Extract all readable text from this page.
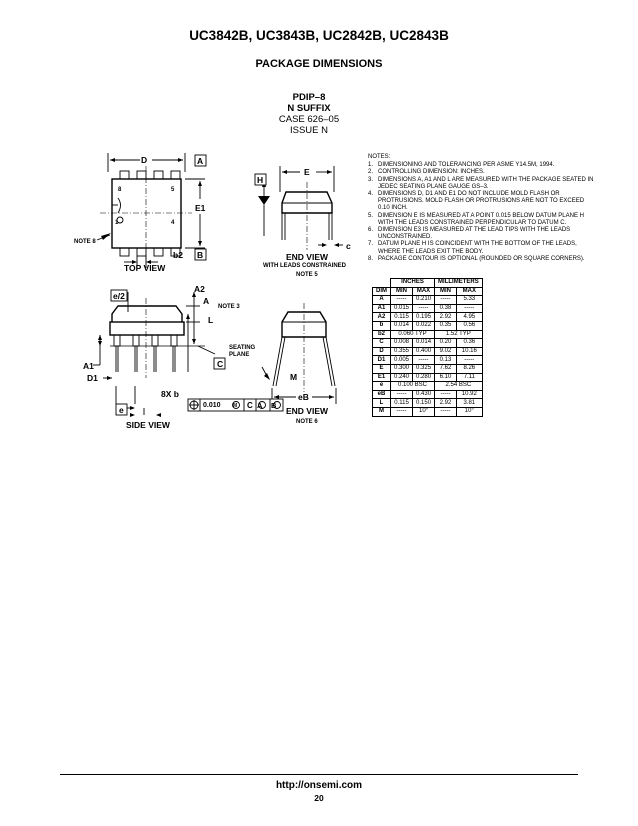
UC3842B, UC3843B, UC2842B, UC2843B
PACKAGE DIMENSIONS
PDIP–8
N SUFFIX
CASE 626–05
ISSUE N
D	A
E1
8	5
1	4
NOTE 8
b2 B
TOP VIEW
H
E
c
END VIEW
WITH LEADS CONSTRAINED
NOTE 5
e/2
A2
A
NOTE 3
L
SEATING
PLANE
C
A1
D1
e
8X b
0.010 M C A B
SIDE VIEW
M
eB
END VIEW
NOTE 6
NOTES:
1. DIMENSIONING AND TOLERANCING PER ASME Y14.5M, 1994.
2. CONTROLLING DIMENSION: INCHES.
3. DIMENSIONS A, A1 AND L ARE MEASURED WITH THE PACKAGE SEATED IN JEDEC SEATING PLANE GAUGE GS–3.
4. DIMENSIONS D, D1 AND E1 DO NOT INCLUDE MOLD FLASH OR PROTRUSIONS. MOLD FLASH OR PROTRUSIONS ARE NOT TO EXCEED 0.10 INCH.
5. DIMENSION E IS MEASURED AT A POINT 0.015 BELOW DATUM PLANE H WITH THE LEADS CONSTRAINED PERPENDICULAR TO DATUM C.
6. DIMENSION E3 IS MEASURED AT THE LEAD TIPS WITH THE LEADS UNCONSTRAINED.
7. DATUM PLANE H IS COINCIDENT WITH THE BOTTOM OF THE LEADS, WHERE THE LEADS EXIT THE BODY.
8. PACKAGE CONTOUR IS OPTIONAL (ROUNDED OR SQUARE CORNERS).
	INCHES		MILLIMETERS	
DIM	MIN	MAX	MIN	MAX
A	-----	0.210	-----	5.33
A1	0.015	-----	0.38	-----
A2	0.115	0.195	2.92	4.95
b	0.014	0.022	0.35	0.56
b2	0.060 TYP		1.52 TYP	
C	0.008	0.014	0.20	0.36
D	0.355	0.400	9.02	10.16
D1	0.005	-----	0.13	-----
E	0.300	0.325	7.62	8.26
E1	0.240	0.280	6.10	7.11
e	0.100 BSC		2.54 BSC	
eB	-----	0.430	-----	10.92
L	0.115	0.150	2.92	3.81
M	-----	10°	-----	10°
http://onsemi.com
20
